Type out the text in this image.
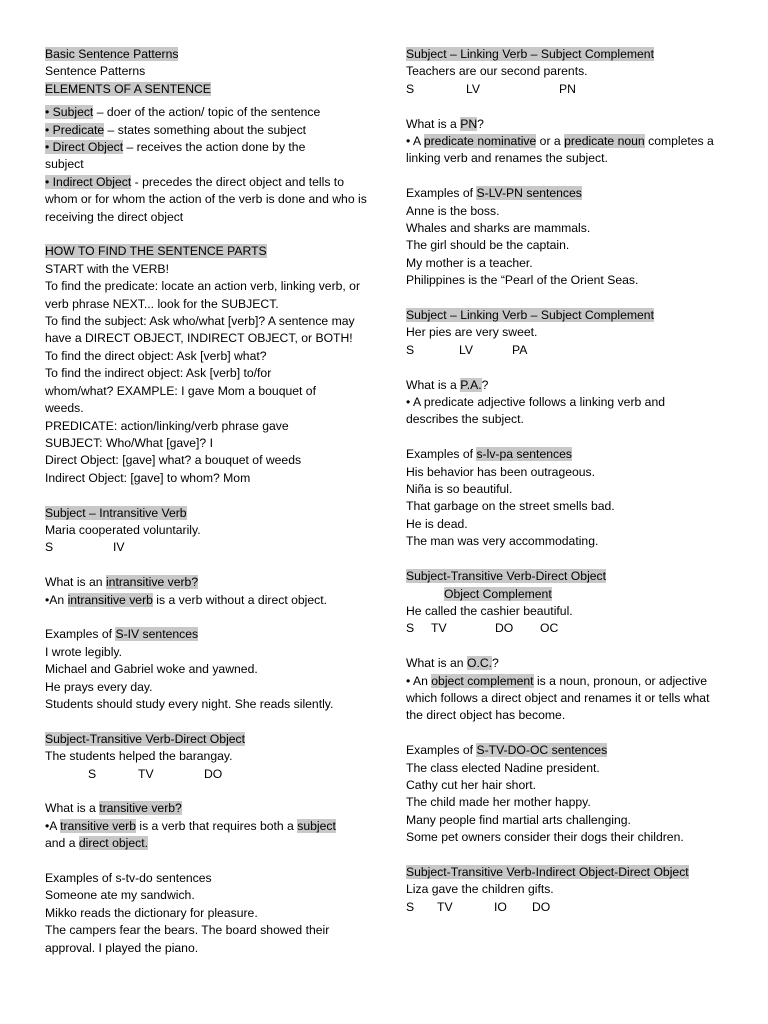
Basic Sentence Patterns
Sentence Patterns
ELEMENTS OF A SENTENCE
• Subject – doer of the action/ topic of the sentence
• Predicate – states something about the subject
• Direct Object – receives the action done by the subject
• Indirect Object - precedes the direct object and tells to whom or for whom the action of the verb is done and who is receiving the direct object
HOW TO FIND THE SENTENCE PARTS
START with the VERB!
To find the predicate: locate an action verb, linking verb, or verb phrase NEXT... look for the SUBJECT.
To find the subject: Ask who/what [verb]? A sentence may have a DIRECT OBJECT, INDIRECT OBJECT, or BOTH!
To find the direct object: Ask [verb] what?
To find the indirect object: Ask [verb] to/for whom/what? EXAMPLE: I gave Mom a bouquet of weeds.
PREDICATE: action/linking/verb phrase gave
SUBJECT: Who/What [gave]? I
Direct Object: [gave] what? a bouquet of weeds
Indirect Object: [gave] to whom? Mom
Subject – Intransitive Verb
Maria cooperated voluntarily.
S	IV
What is an intransitive verb?
•An intransitive verb is a verb without a direct object.
Examples of S-IV sentences
I wrote legibly.
Michael and Gabriel woke and yawned.
He prays every day.
Students should study every night. She reads silently.
Subject-Transitive Verb-Direct Object
The students helped the barangay.
S	TV	DO
What is a transitive verb?
•A transitive verb is a verb that requires both a subject
and a direct object.
Examples of s-tv-do sentences
Someone ate my sandwich.
Mikko reads the dictionary for pleasure.
The campers fear the bears. The board showed their approval. I played the piano.
Subject – Linking Verb – Subject Complement
Teachers are our second parents.
S	LV	PN
What is a PN?
• A predicate nominative or a predicate noun completes a linking verb and renames the subject.
Examples of S-LV-PN sentences
Anne is the boss.
Whales and sharks are mammals.
The girl should be the captain.
My mother is a teacher.
Philippines is the “Pearl of the Orient Seas.
Subject – Linking Verb – Subject Complement
Her pies are very sweet.
S	LV	PA
What is a P.A.?
• A predicate adjective follows a linking verb and describes the subject.
Examples of s-lv-pa sentences
His behavior has been outrageous.
Niña is so beautiful.
That garbage on the street smells bad.
He is dead.
The man was very accommodating.
Subject-Transitive Verb-Direct Object
Object Complement
He called the cashier beautiful.
S TV	DO OC
What is an O.C.?
• An object complement is a noun, pronoun, or adjective which follows a direct object and renames it or tells what the direct object has become.
Examples of S-TV-DO-OC sentences
The class elected Nadine president.
Cathy cut her hair short.
The child made her mother happy.
Many people find martial arts challenging.
Some pet owners consider their dogs their children.
Subject-Transitive Verb-Indirect Object-Direct Object
Liza gave the children gifts.
S TV	IO DO
